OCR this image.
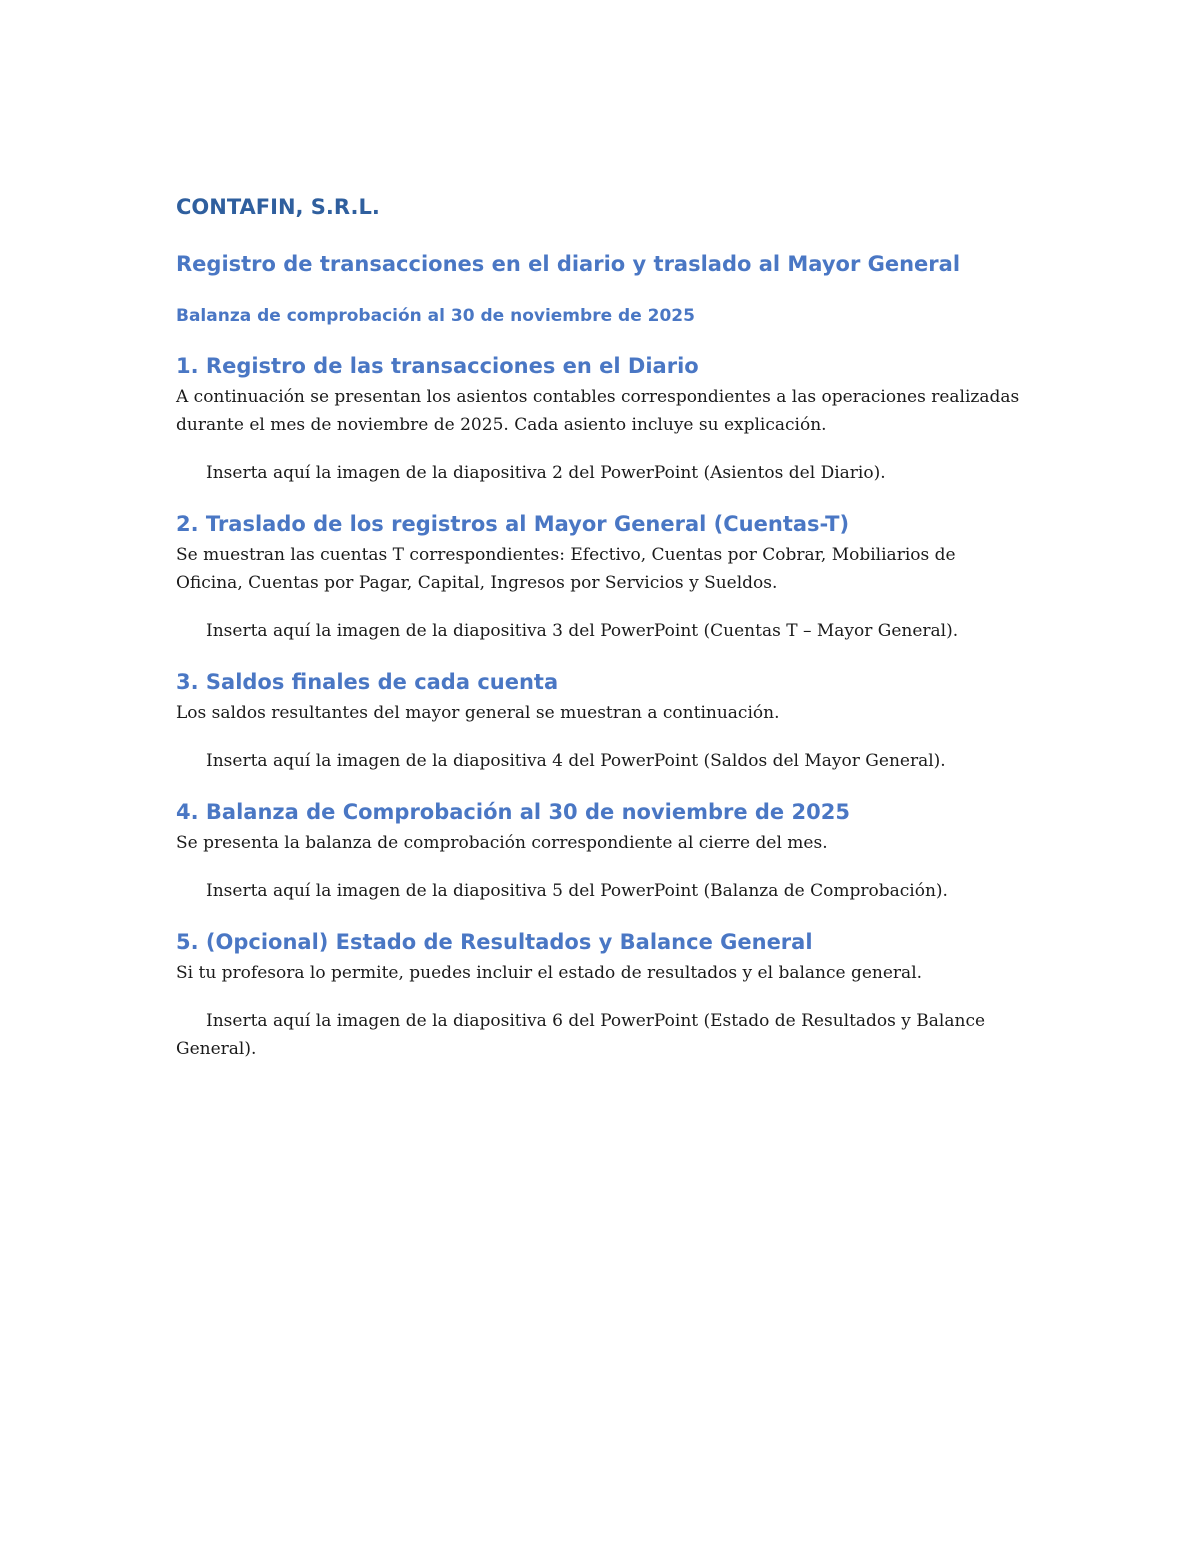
CONTAFIN, S.R.L.
Registro de transacciones en el diario y traslado al Mayor General
Balanza de comprobación al 30 de noviembre de 2025
1. Registro de las transacciones en el Diario

A continuación se presentan los asientos contables correspondientes a las operaciones realizadas durante el mes de noviembre de 2025. Cada asiento incluye su explicación.

Inserta aquí la imagen de la diapositiva 2 del PowerPoint (Asientos del Diario).

2. Traslado de los registros al Mayor General (Cuentas-T)

Se muestran las cuentas T correspondientes: Efectivo, Cuentas por Cobrar, Mobiliarios de Oficina, Cuentas por Pagar, Capital, Ingresos por Servicios y Sueldos.

Inserta aquí la imagen de la diapositiva 3 del PowerPoint (Cuentas T – Mayor General).

3. Saldos finales de cada cuenta

Los saldos resultantes del mayor general se muestran a continuación.

Inserta aquí la imagen de la diapositiva 4 del PowerPoint (Saldos del Mayor General).

4. Balanza de Comprobación al 30 de noviembre de 2025

Se presenta la balanza de comprobación correspondiente al cierre del mes.

Inserta aquí la imagen de la diapositiva 5 del PowerPoint (Balanza de Comprobación).

5. (Opcional) Estado de Resultados y Balance General

Si tu profesora lo permite, puedes incluir el estado de resultados y el balance general.

Inserta aquí la imagen de la diapositiva 6 del PowerPoint (Estado de Resultados y Balance General).
